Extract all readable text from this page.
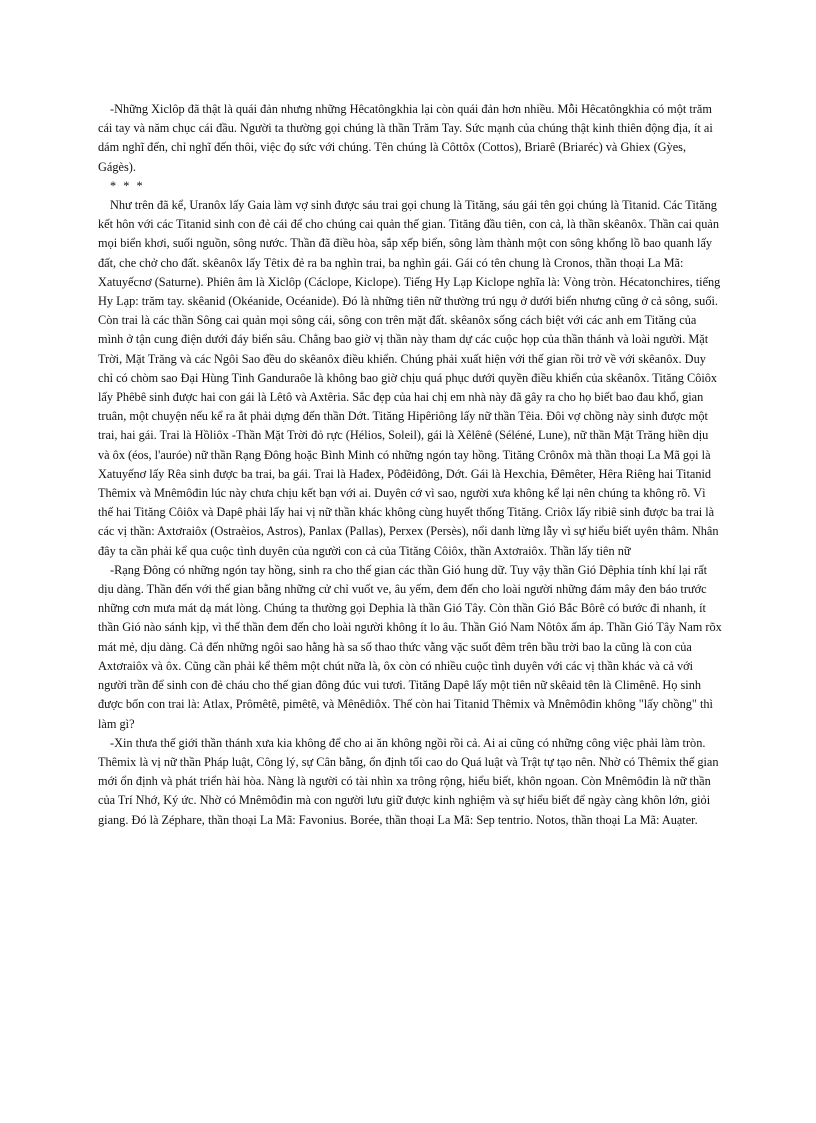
-Những Xiclôp đã thật là quái đản nhưng những Hêcatôngkhia lại còn quái đản hơn nhiều. Mỗi Hêcatôngkhia có một trăm cái tay và năm chục cái đầu. Người ta thường gọi chúng là thần Trăm Tay. Sức mạnh của chúng thật kinh thiên động địa, ít ai dám nghĩ đến, chỉ nghĩ đến thôi, việc đọ sức với chúng. Tên chúng là Côttôx (Cottos), Briarê (Briaréc) và Ghiex (Gỳes, Gágès).

* * *

Như trên đã kể, Uranôx lấy Gaia làm vợ sinh được sáu trai gọi chung là Tităng, sáu gái tên gọi chúng là Titanid. Các Tităng kết hôn với các Titanid sinh con đẻ cái để cho chúng cai quản thế gian. Tităng đầu tiên, con cả, là thần skêanôx. Thần cai quản mọi biển khơi, suối nguồn, sông nước. Thần đã điều hòa, sắp xếp biển, sông làm thành một con sông khổng lồ bao quanh lấy đất, che chở cho đất. skêanôx lấy Têtix đẻ ra ba nghìn trai, ba nghìn gái. Gái có tên chung là Cronos, thần thoại La Mã: Xatuyếcnơ (Saturne). Phiên âm là Xiclôp (Cáclope, Kiclope). Tiếng Hy Lạp Kiclope nghĩa là: Vòng tròn. Hécatonchires, tiếng Hy Lạp: trăm tay. skêanid (Okéanide, Océanide). Đó là những tiên nữ thường trú ngụ ở dưới biển nhưng cũng ở cả sông, suối. Còn trai là các thần Sông cai quản mọi sông cái, sông con trên mặt đất. skêanôx sống cách biệt với các anh em Tităng của mình ở tận cung điện dưới đáy biển sâu. Chẳng bao giờ vị thần này tham dự các cuộc họp của thần thánh và loài người. Mặt Trời, Mặt Trăng và các Ngôi Sao đều do skêanôx điều khiển. Chúng phải xuất hiện với thế gian rồi trở về với skêanôx. Duy chỉ có chòm sao Đại Hùng Tinh Ganduraôe là không bao giờ chịu quá phục dưới quyền điều khiển của skêanôx. Tităng Côiôx lấy Phêbê sinh được hai con gái là Lêtô và Axtêria. Sắc đẹp của hai chị em nhà này đã gây ra cho họ biết bao đau khổ, gian truân, một chuyện nếu kể ra ắt phải dựng đến thần Dớt. Tităng Hipêriông lấy nữ thần Têia. Đôi vợ chồng này sinh được một trai, hai gái. Trai là Hồliôx -Thần Mặt Trời đỏ rực (Hélios, Soleil), gái là Xêlênê (Séléné, Lune), nữ thần Mặt Trăng hiền dịu và ôx (éos, l'auróe) nữ thần Rạng Đông hoặc Bình Minh có những ngón tay hồng. Tităng Crônôx mà thần thoại La Mã gọi là Xatuyếnơ lấy Rêa sinh được ba trai, ba gái. Trai là Hađex, Pôđêiđông, Dớt. Gái là Hexchia, Đêmêter, Hêra Riêng hai Titanid Thêmix và Mnêmôđin lúc này chưa chịu kết bạn với ai. Duyên cớ vì sao, người xưa không kể lại nên chúng ta không rõ. Vì thế hai Tităng Côiôx và Dapê phải lấy hai vị nữ thần khác không cùng huyết thống Tităng. Criôx lấy ribiê sinh được ba trai là các vị thần: Axtơraiôx (Ostraèios, Astros), Panlax (Pallas), Perxex (Persès), nổi danh lừng lẫy vì sự hiểu biết uyên thâm. Nhân đây ta cần phải kể qua cuộc tình duyên của người con cả của Tităng Côiôx, thần Axtơraiôx. Thần lấy tiên nữ

-Rạng Đông có những ngón tay hồng, sinh ra cho thế gian các thần Gió hung dữ. Tuy vậy thần Gió Dêphia tính khí lại rất dịu dàng. Thần đến với thế gian bằng những cử chỉ vuốt ve, âu yếm, đem đến cho loài người những đám mây đen báo trước những cơn mưa mát dạ mát lòng. Chúng ta thường gọi Dephia là thần Gió Tây. Còn thần Gió Bắc Bôrê có bước đi nhanh, ít thần Gió nào sánh kịp, vì thế thần đem đến cho loài người không ít lo âu. Thần Gió Nam Nôtôx ấm áp. Thần Gió Tây Nam rõx mát mẻ, dịu dàng. Cả đến những ngôi sao hằng hà sa số thao thức vằng vặc suốt đêm trên bầu trời bao la cũng là con của Axtơraiôx và ôx. Cũng cần phải kể thêm một chút nữa là, ôx còn có nhiều cuộc tình duyên với các vị thần khác và cả với người trần để sinh con đẻ cháu cho thế gian đông đúc vui tươi. Tităng Dapê lấy một tiên nữ skêaid tên là Climênê. Họ sinh được bốn con trai là: Atlax, Prômêtê, pimêtê, và Mênêdiôx. Thế còn hai Titanid Thêmix và Mnêmôđin không "lấy chồng" thì làm gì?

-Xin thưa thế giới thần thánh xưa kia không để cho ai ăn không ngồi rồi cả. Ai ai cũng có những công việc phải làm tròn. Thêmix là vị nữ thần Pháp luật, Công lý, sự Cân bằng, ổn định tối cao do Quá luật và Trật tự tạo nên. Nhờ có Thêmix thế gian mới ổn định và phát triển hài hòa. Nàng là người có tài nhìn xa trông rộng, hiểu biết, khôn ngoan. Còn Mnêmôđin là nữ thần của Trí Nhớ, Ký ức. Nhờ có Mnêmôđin mà con người lưu giữ được kinh nghiệm và sự hiểu biết để ngày càng khôn lớn, giỏi giang. Đó là Zéphare, thần thoại La Mã: Favonius. Borée, thần thoại La Mã: Sep tentrio. Notos, thần thoại La Mã: Auạter.
